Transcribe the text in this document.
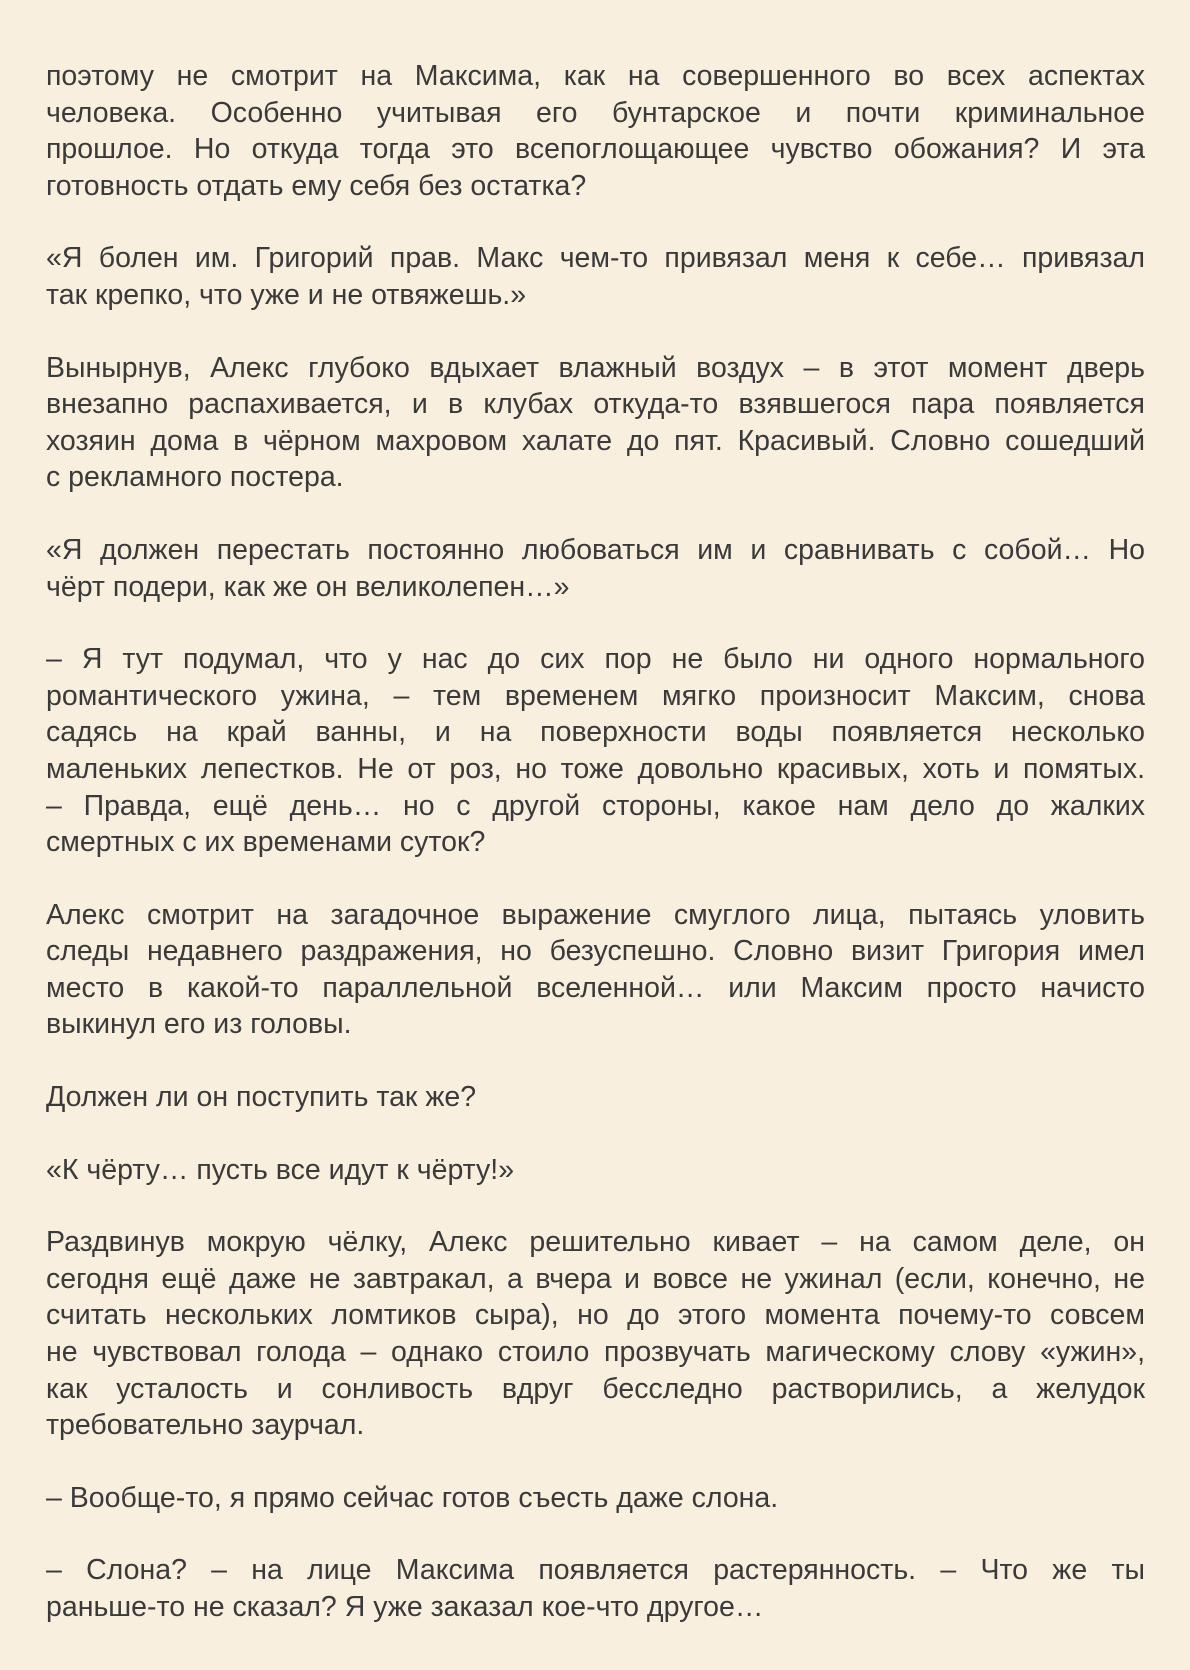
поэтому не смотрит на Максима, как на совершенного во всех аспектах
человека. Особенно учитывая его бунтарское и почти криминальное
прошлое. Но откуда тогда это всепоглощающее чувство обожания? И эта
готовность отдать ему себя без остатка?

«Я болен им. Григорий прав. Макс чем-то привязал меня к себе… привязал
так крепко, что уже и не отвяжешь.»

Вынырнув, Алекс глубоко вдыхает влажный воздух – в этот момент дверь
внезапно распахивается, и в клубах откуда-то взявшегося пара появляется
хозяин дома в чёрном махровом халате до пят. Красивый. Словно сошедший
с рекламного постера.

«Я должен перестать постоянно любоваться им и сравнивать с собой… Но
чёрт подери, как же он великолепен…»

– Я тут подумал, что у нас до сих пор не было ни одного нормального
романтического ужина, – тем временем мягко произносит Максим, снова
садясь на край ванны, и на поверхности воды появляется несколько
маленьких лепестков. Не от роз, но тоже довольно красивых, хоть и помятых.
– Правда, ещё день… но с другой стороны, какое нам дело до жалких
смертных с их временами суток?

Алекс смотрит на загадочное выражение смуглого лица, пытаясь уловить
следы недавнего раздражения, но безуспешно. Словно визит Григория имел
место в какой-то параллельной вселенной… или Максим просто начисто
выкинул его из головы.

Должен ли он поступить так же?

«К чёрту… пусть все идут к чёрту!»

Раздвинув мокрую чёлку, Алекс решительно кивает – на самом деле, он
сегодня ещё даже не завтракал, а вчера и вовсе не ужинал (если, конечно, не
считать нескольких ломтиков сыра), но до этого момента почему-то совсем
не чувствовал голода – однако стоило прозвучать магическому слову «ужин»,
как усталость и сонливость вдруг бесследно растворились, а желудок
требовательно заурчал.

– Вообще-то, я прямо сейчас готов съесть даже слона.

– Слона? – на лице Максима появляется растерянность. – Что же ты
раньше-то не сказал? Я уже заказал кое-что другое…
